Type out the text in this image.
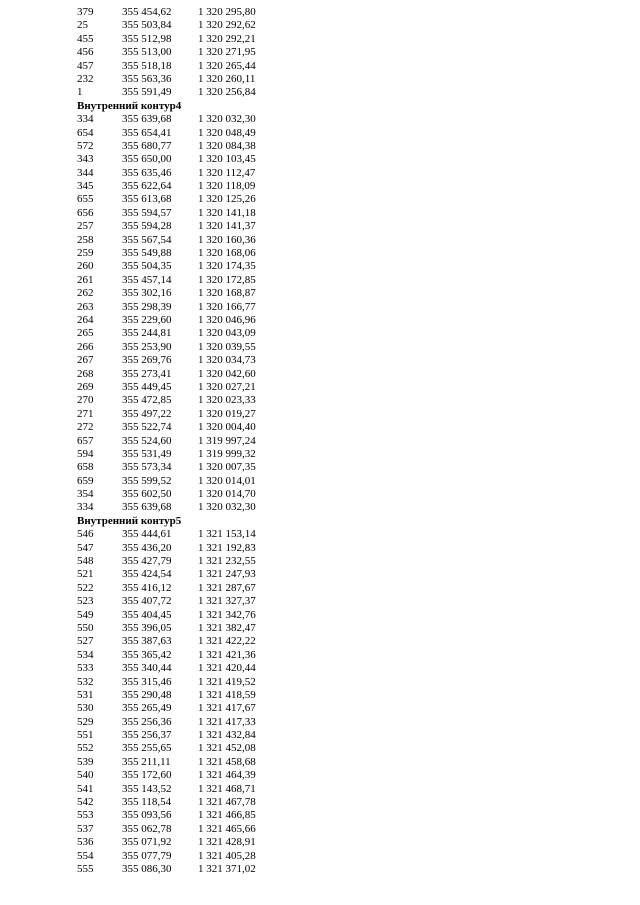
379	355 454,62 1 320 295,80
25	355 503,84 1 320 292,62
455	355 512,98 1 320 292,21
456	355 513,00 1 320 271,95
457	355 518,18 1 320 265,44
232	355 563,36 1 320 260,11
1	355 591,49 1 320 256,84
Внутренний контур4
334	355 639,68 1 320 032,30
654	355 654,41 1 320 048,49
572	355 680,77 1 320 084,38
343	355 650,00 1 320 103,45
344	355 635,46 1 320 112,47
345	355 622,64 1 320 118,09
655	355 613,68 1 320 125,26
656	355 594,57 1 320 141,18
257	355 594,28 1 320 141,37
258	355 567,54 1 320 160,36
259	355 549,88 1 320 168,06
260	355 504,35 1 320 174,35
261	355 457,14 1 320 172,85
262	355 302,16 1 320 168,87
263	355 298,39 1 320 166,77
264	355 229,60 1 320 046,96
265	355 244,81 1 320 043,09
266	355 253,90 1 320 039,55
267	355 269,76 1 320 034,73
268	355 273,41 1 320 042,60
269	355 449,45 1 320 027,21
270	355 472,85 1 320 023,33
271	355 497,22 1 320 019,27
272	355 522,74 1 320 004,40
657	355 524,60 1 319 997,24
594	355 531,49 1 319 999,32
658	355 573,34 1 320 007,35
659	355 599,52 1 320 014,01
354	355 602,50 1 320 014,70
334	355 639,68 1 320 032,30
Внутренний контур5
546	355 444,61 1 321 153,14
547	355 436,20 1 321 192,83
548	355 427,79 1 321 232,55
521	355 424,54 1 321 247,93
522	355 416,12 1 321 287,67
523	355 407,72 1 321 327,37
549	355 404,45 1 321 342,76
550	355 396,05 1 321 382,47
527	355 387,63 1 321 422,22
534	355 365,42 1 321 421,36
533	355 340,44 1 321 420,44
532	355 315,46 1 321 419,52
531	355 290,48 1 321 418,59
530	355 265,49 1 321 417,67
529	355 256,36 1 321 417,33
551	355 256,37 1 321 432,84
552	355 255,65 1 321 452,08
539	355 211,11 1 321 458,68
540	355 172,60 1 321 464,39
541	355 143,52 1 321 468,71
542	355 118,54 1 321 467,78
553	355 093,56 1 321 466,85
537	355 062,78 1 321 465,66
536	355 071,92 1 321 428,91
554	355 077,79 1 321 405,28
555	355 086,30 1 321 371,02
